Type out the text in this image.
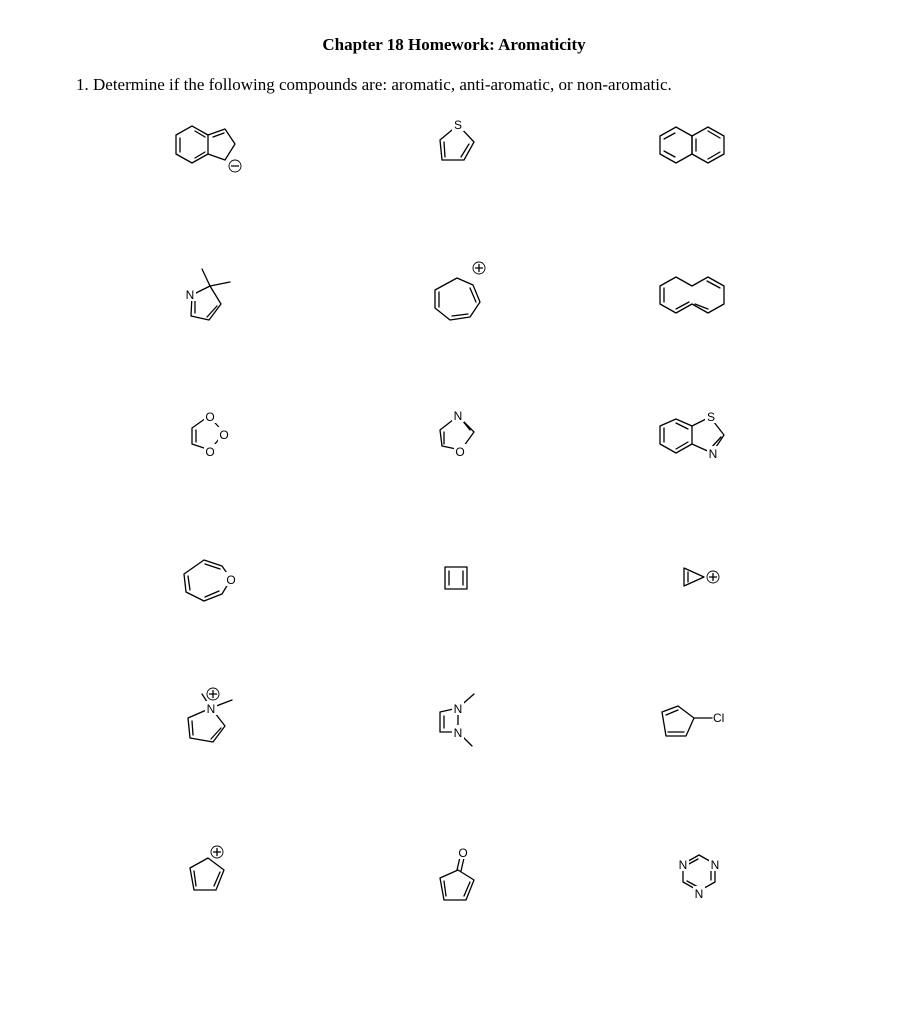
Chapter 18 Homework: Aromaticity
1. Determine if the following compounds are: aromatic, anti-aromatic, or non-aromatic.
S
N
O
O
O
N
O
S
N
O
N	N
N
Cl
O
N N
N
